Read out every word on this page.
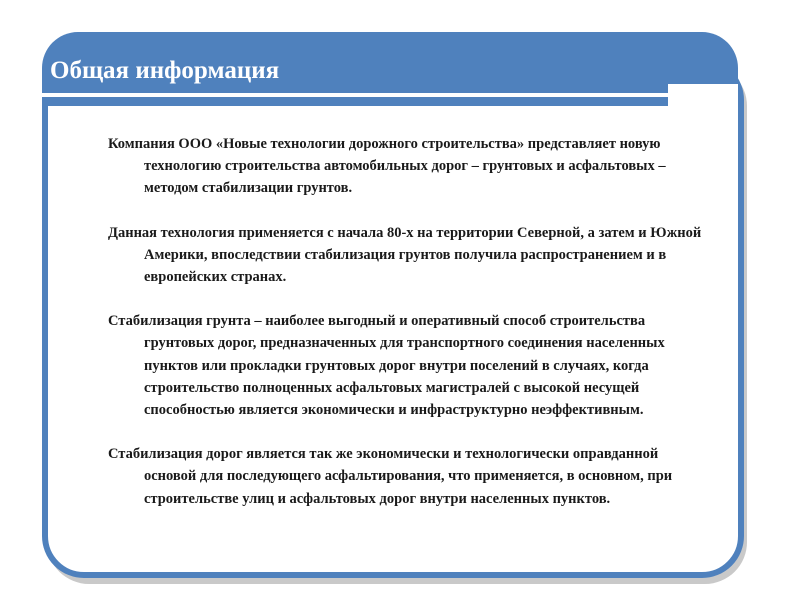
Общая информация

Компания ООО «Новые технологии дорожного строительства» представляет новую технологию строительства автомобильных дорог – грунтовых и асфальтовых – методом стабилизации грунтов.

Данная технология применяется с начала 80-х на территории Северной, а затем и Южной Америки, впоследствии стабилизация грунтов получила распространением и в европейских странах.

Стабилизация грунта – наиболее выгодный и оперативный способ строительства грунтовых дорог, предназначенных для транспортного соединения населенных пунктов или прокладки грунтовых дорог внутри поселений в случаях, когда строительство полноценных асфальтовых магистралей с высокой несущей способностью является экономически и инфраструктурно неэффективным.

Стабилизация дорог является так же экономически и технологически оправданной основой для последующего асфальтирования, что применяется, в основном, при строительстве улиц и асфальтовых дорог внутри населенных пунктов.
